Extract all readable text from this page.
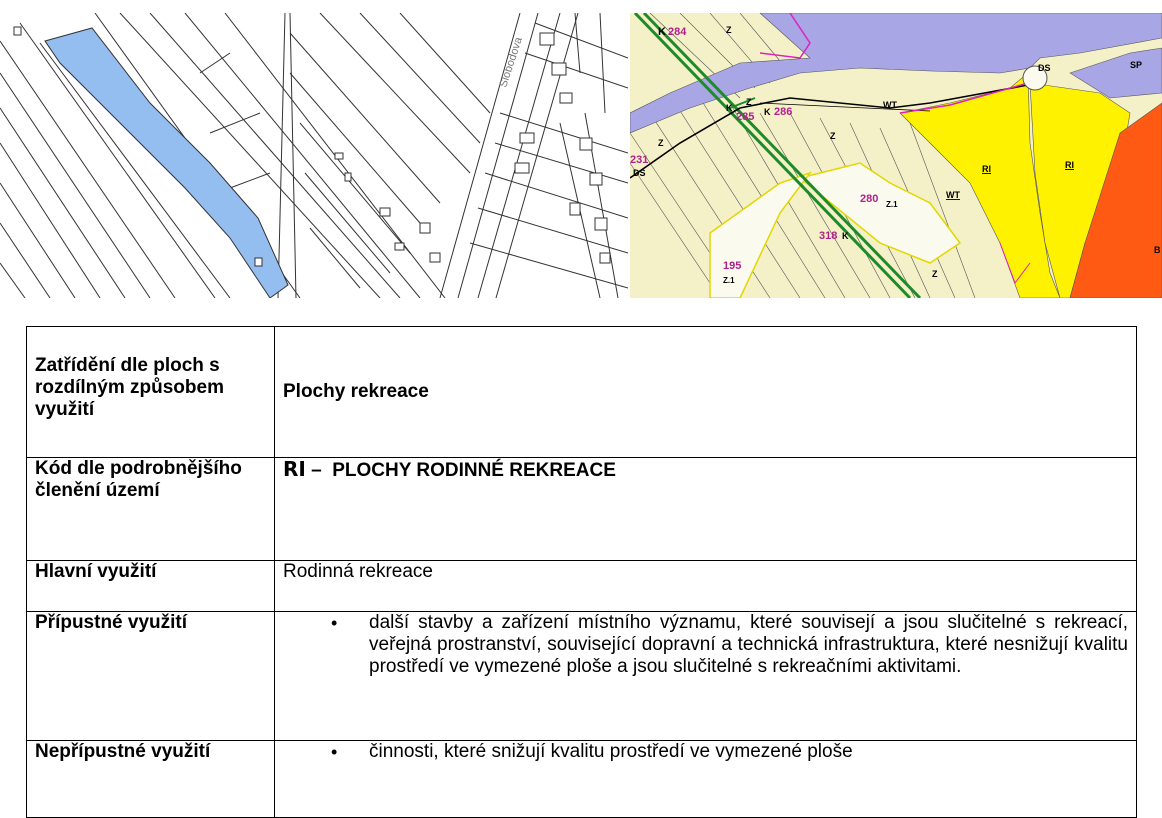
Slobodova
K 284	Z
K
Z
285 K 286
WT
DS	SP
Z
Z
231
DS	RI	RI
WT
280 Z.1
318 K
195
Z.1
Z
B
Zatřídění dle ploch s rozdílným způsobem využití	Plochy rekreace
Kód dle podrobnějšího členění území	RI –  PLOCHY RODINNÉ REKREACE
Hlavní využití	Rodinná rekreace
Přípustné využití	• další stavby a zařízení místního významu, které souvisejí a jsou slučitelné s rekreací, veřejná prostranství, související dopravní a technická infrastruktura, které nesnižují kvalitu prostředí ve vymezené ploše a jsou slučitelné s rekreačními aktivitami.

Nepřípustné využití	• činnosti, které snižují kvalitu prostředí ve vymezené ploše
